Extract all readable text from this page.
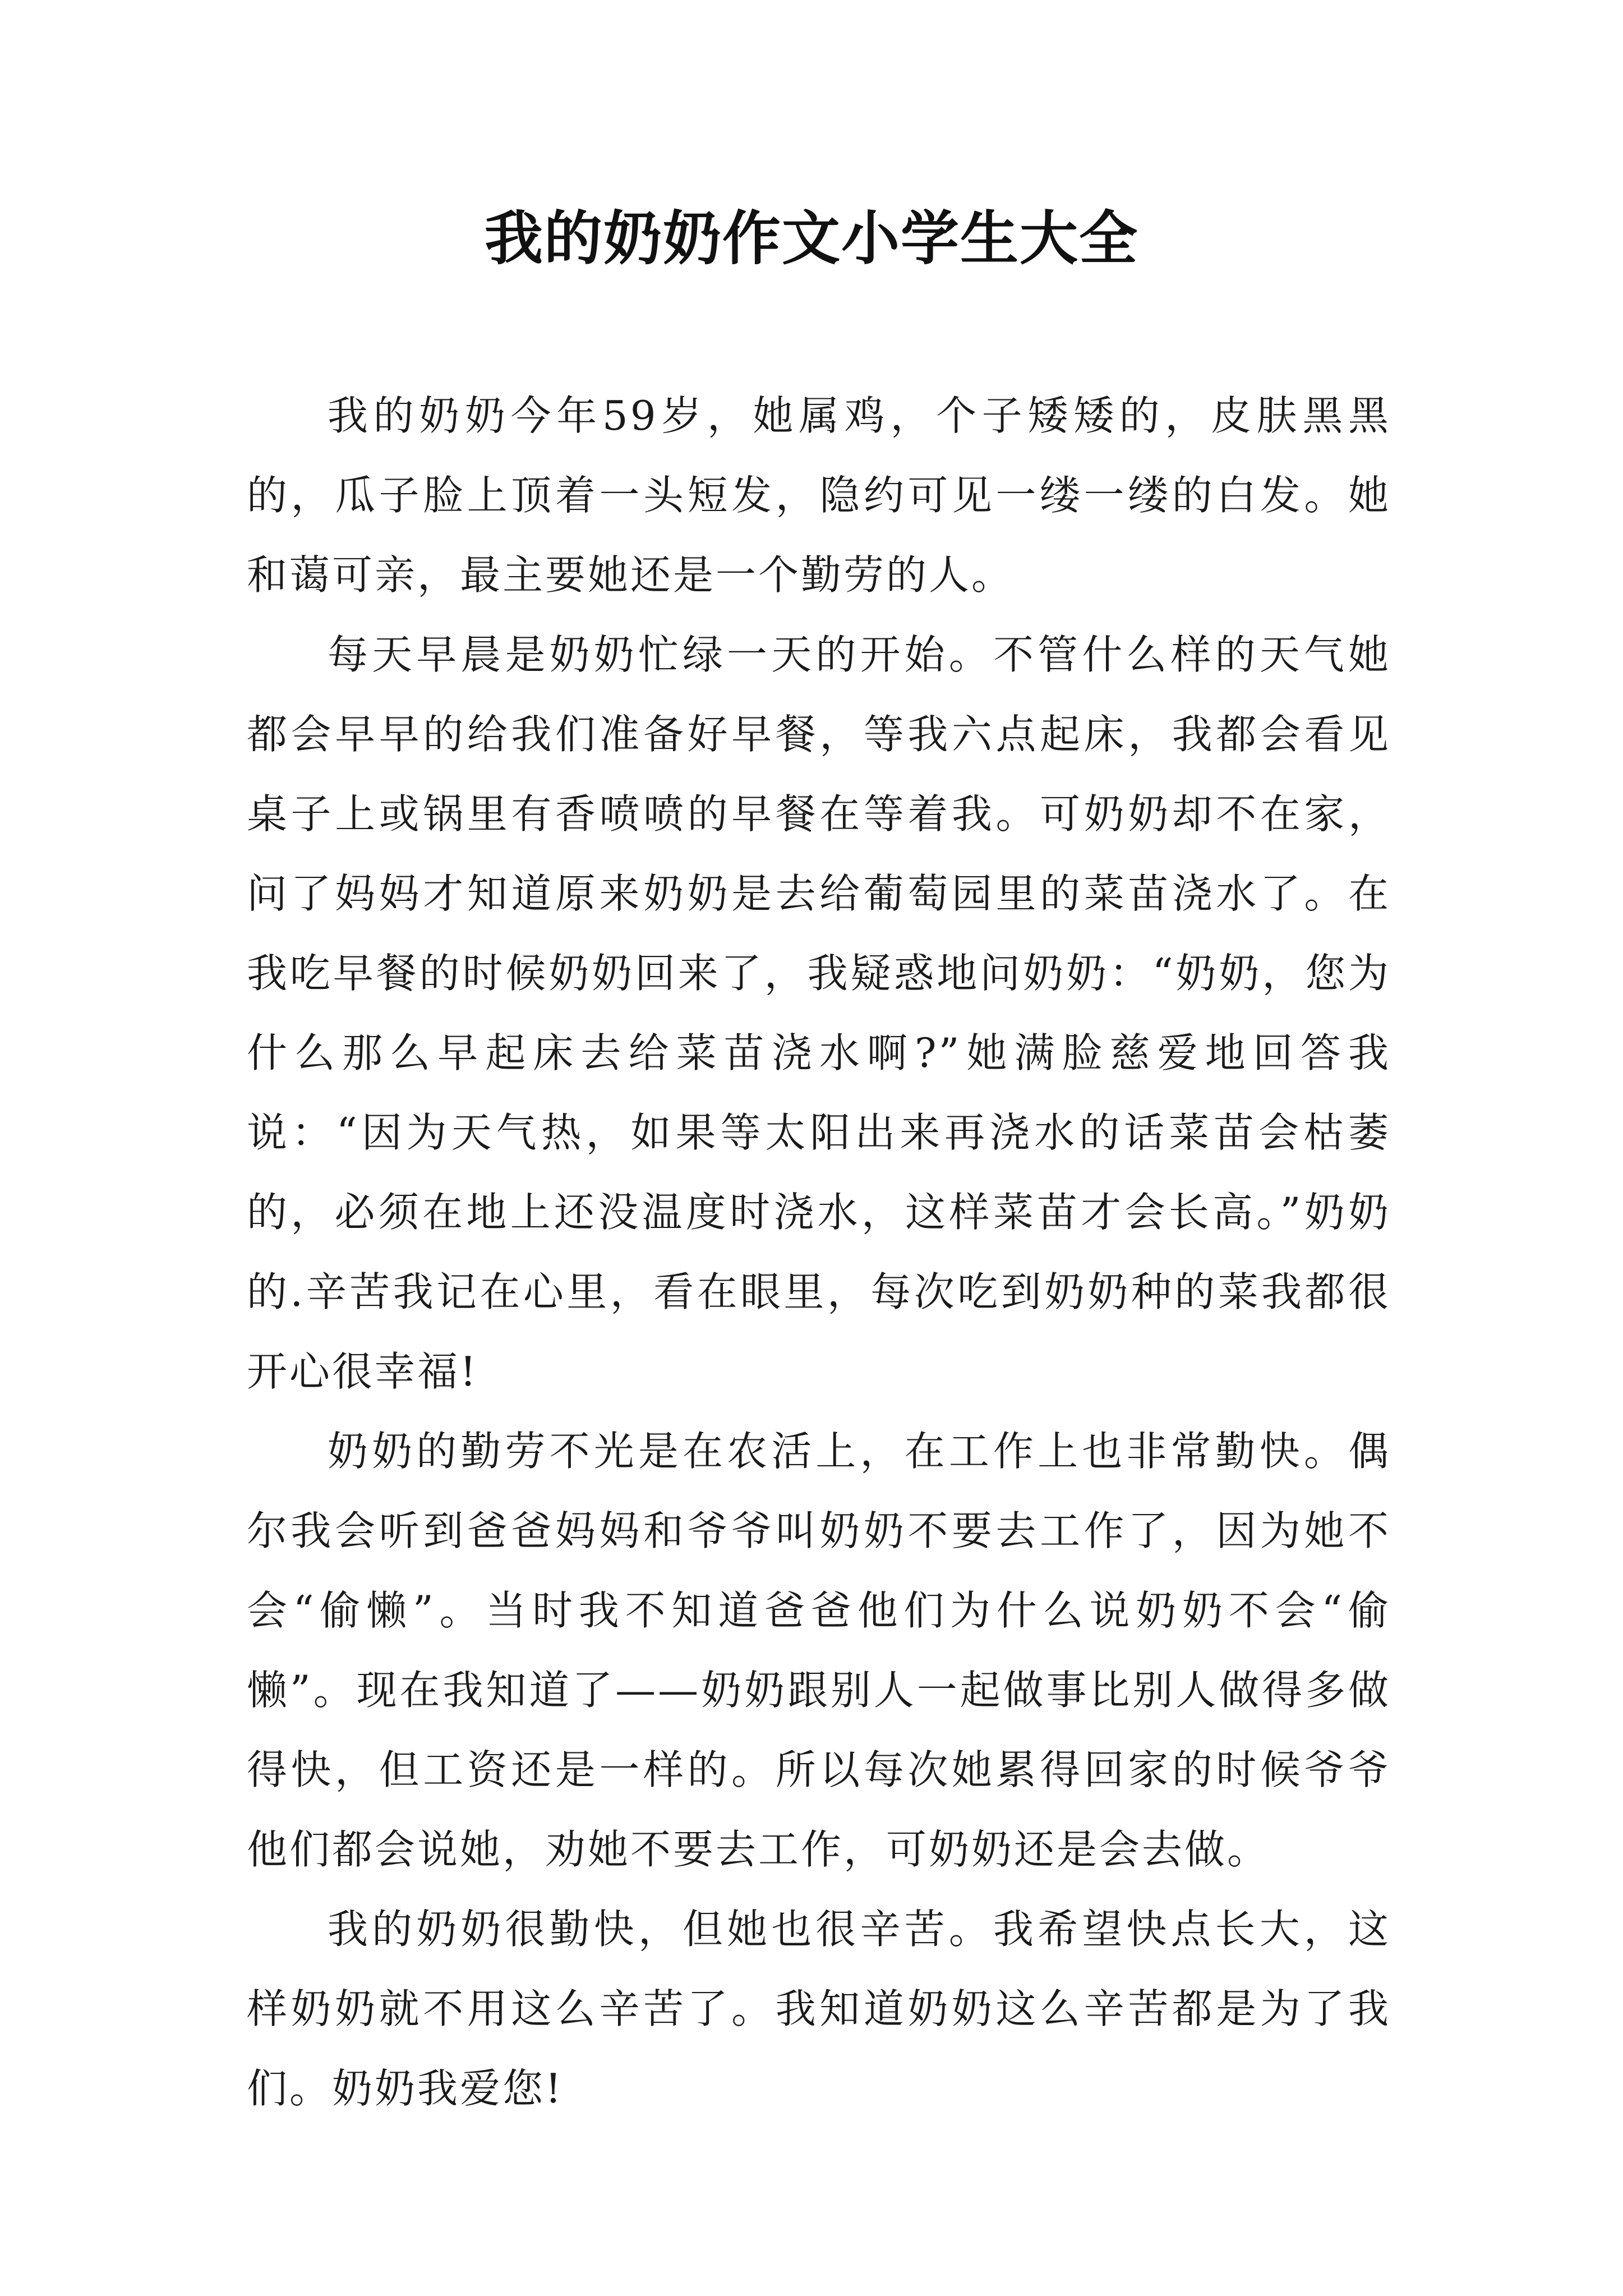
我的奶奶作文小学生大全

我的奶奶今年59岁，她属鸡，个子矮矮的，皮肤黑黑的，瓜子脸上顶着一头短发，隐约可见一缕一缕的白发。她和蔼可亲，最主要她还是一个勤劳的人。

每天早晨是奶奶忙绿一天的开始。不管什么样的天气她都会早早的给我们准备好早餐，等我六点起床，我都会看见桌子上或锅里有香喷喷的早餐在等着我。可奶奶却不在家，问了妈妈才知道原来奶奶是去给葡萄园里的菜苗浇水了。在我吃早餐的时候奶奶回来了，我疑惑地问奶奶：“奶奶，您为什么那么早起床去给菜苗浇水啊?”她满脸慈爱地回答我说：“因为天气热，如果等太阳出来再浇水的话菜苗会枯萎的，必须在地上还没温度时浇水，这样菜苗才会长高。”奶奶的.辛苦我记在心里，看在眼里，每次吃到奶奶种的菜我都很开心很幸福!

奶奶的勤劳不光是在农活上，在工作上也非常勤快。偶尔我会听到爸爸妈妈和爷爷叫奶奶不要去工作了，因为她不会“偷懒”。当时我不知道爸爸他们为什么说奶奶不会“偷懒”。现在我知道了——奶奶跟别人一起做事比别人做得多做得快，但工资还是一样的。所以每次她累得回家的时候爷爷他们都会说她，劝她不要去工作，可奶奶还是会去做。

我的奶奶很勤快，但她也很辛苦。我希望快点长大，这样奶奶就不用这么辛苦了。我知道奶奶这么辛苦都是为了我们。奶奶我爱您!
